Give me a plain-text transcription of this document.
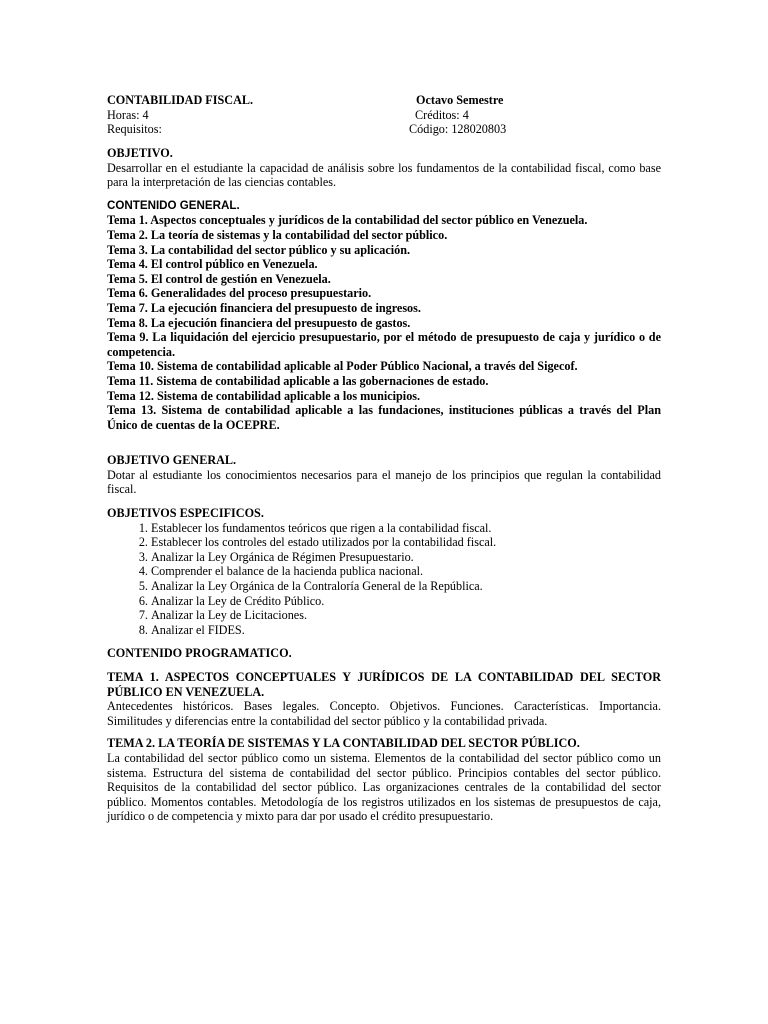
CONTABILIDAD FISCAL.
Horas: 4
Requisitos:
Octavo Semestre
Créditos: 4
Código: 128020803
OBJETIVO.

Desarrollar en el estudiante la capacidad de análisis sobre los fundamentos de la contabilidad fiscal, como base para la interpretación de las ciencias contables.

CONTENIDO GENERAL.
Tema 1. Aspectos conceptuales y jurídicos de la contabilidad del sector público en Venezuela.
Tema 2. La teoría de sistemas y la contabilidad del sector público.
Tema 3. La contabilidad del sector público y su aplicación.
Tema 4. El control público en Venezuela.
Tema 5. El control de gestión en Venezuela.
Tema 6. Generalidades del proceso presupuestario.
Tema 7. La ejecución financiera del presupuesto de ingresos.
Tema 8. La ejecución financiera del presupuesto de gastos.
Tema 9. La liquidación del ejercicio presupuestario, por el método de presupuesto de caja y jurídico o de competencia.
Tema 10. Sistema de contabilidad aplicable al Poder Público Nacional, a través del Sigecof.
Tema 11. Sistema de contabilidad aplicable a las gobernaciones de estado.
Tema 12. Sistema de contabilidad aplicable a los municipios.
Tema 13. Sistema de contabilidad aplicable a las fundaciones, instituciones públicas a través del Plan Único de cuentas de la OCEPRE.
OBJETIVO GENERAL.

Dotar al estudiante los conocimientos necesarios para el manejo de los principios que regulan la contabilidad fiscal.

OBJETIVOS ESPECIFICOS.
1. Establecer los fundamentos teóricos que rigen a la contabilidad fiscal.
2. Establecer los controles del estado utilizados por la contabilidad fiscal.
3. Analizar la Ley Orgánica de Régimen Presupuestario.
4. Comprender el balance de la hacienda publica nacional.
5. Analizar la Ley Orgánica de la Contraloría General de la República.
6. Analizar la Ley de Crédito Público.
7. Analizar la Ley de Licitaciones.
8. Analizar el FIDES.
CONTENIDO PROGRAMATICO.
TEMA 1. ASPECTOS CONCEPTUALES Y JURÍDICOS DE LA CONTABILIDAD DEL SECTOR PÚBLICO EN VENEZUELA.

Antecedentes históricos. Bases legales. Concepto. Objetivos. Funciones. Características. Importancia. Similitudes y diferencias entre la contabilidad del sector público y la contabilidad privada.

TEMA 2. LA TEORÍA DE SISTEMAS Y LA CONTABILIDAD DEL SECTOR PÚBLICO.

La contabilidad del sector público como un sistema. Elementos de la contabilidad del sector público como un sistema. Estructura del sistema de contabilidad del sector público. Principios contables del sector público. Requisitos de la contabilidad del sector público. Las organizaciones centrales de la contabilidad del sector público. Momentos contables. Metodología de los registros utilizados en los sistemas de presupuestos de caja, jurídico o de competencia y mixto para dar por usado el crédito presupuestario.
